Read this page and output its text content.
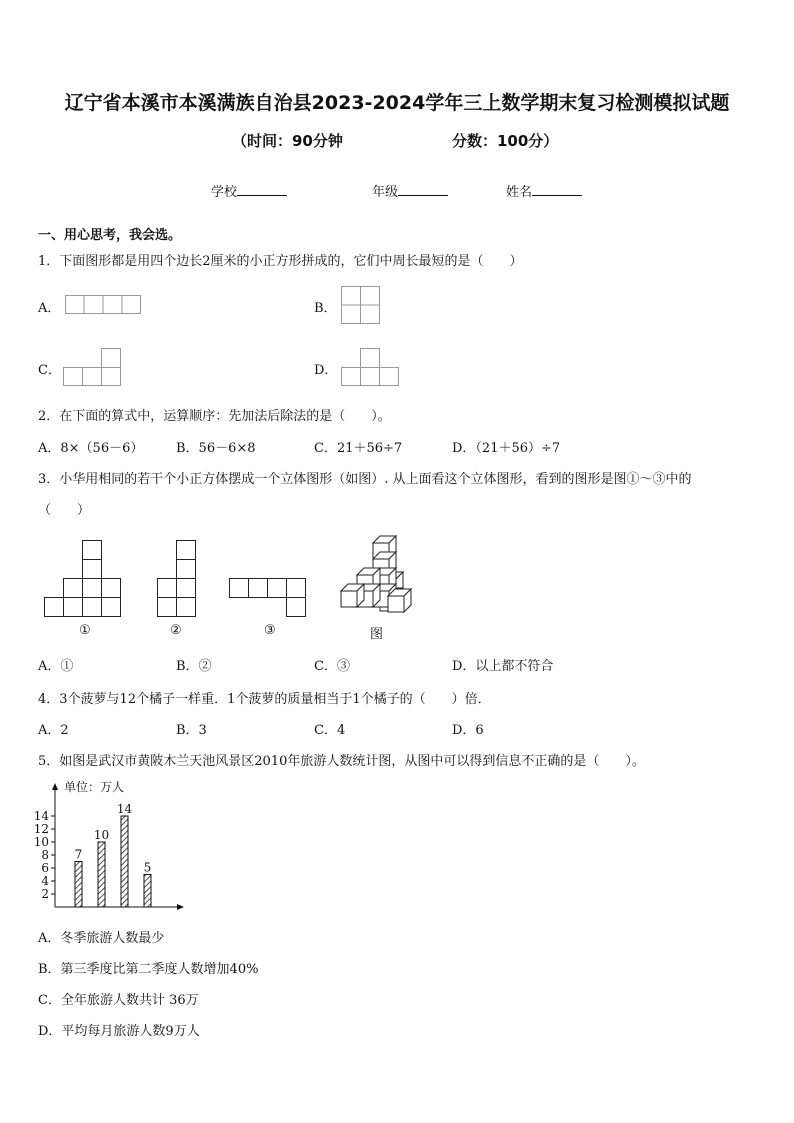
辽宁省本溪市本溪满族自治县2023-2024学年三上数学期末复习检测模拟试题
（时间：90分钟	分数：100分）
学校	年级	姓名
一、用心思考，我会选。
1．下面图形都是用四个边长2厘米的小正方形拼成的，它们中周长最短的是（　　）
A．	B．
C．	D．
2．在下面的算式中，运算顺序：先加法后除法的是（　　）。
A．8×（56－6）	B．56－6×8	C．21＋56÷7	D．（21＋56）÷7
3．小华用相同的若干个小正方体摆成一个立体图形（如图）. 从上面看这个立体图形，看到的图形是图①～③中的
（　　）
①	②	③	图
A．①	B．②	C．③	D．以上都不符合
4．3个菠萝与12个橘子一样重．1个菠萝的质量相当于1个橘子的（　　）倍．
A．2	B．3	C．4	D．6
5．如图是武汉市黄陂木兰天池风景区2010年旅游人数统计图，从图中可以得到信息不正确的是（　　）。
单位：万人
2
4
6
8
10
12
14
7
10
14
5
A．冬季旅游人数最少
B．第三季度比第二季度人数增加40%
C．全年旅游人数共计 36万
D．平均每月旅游人数9万人
